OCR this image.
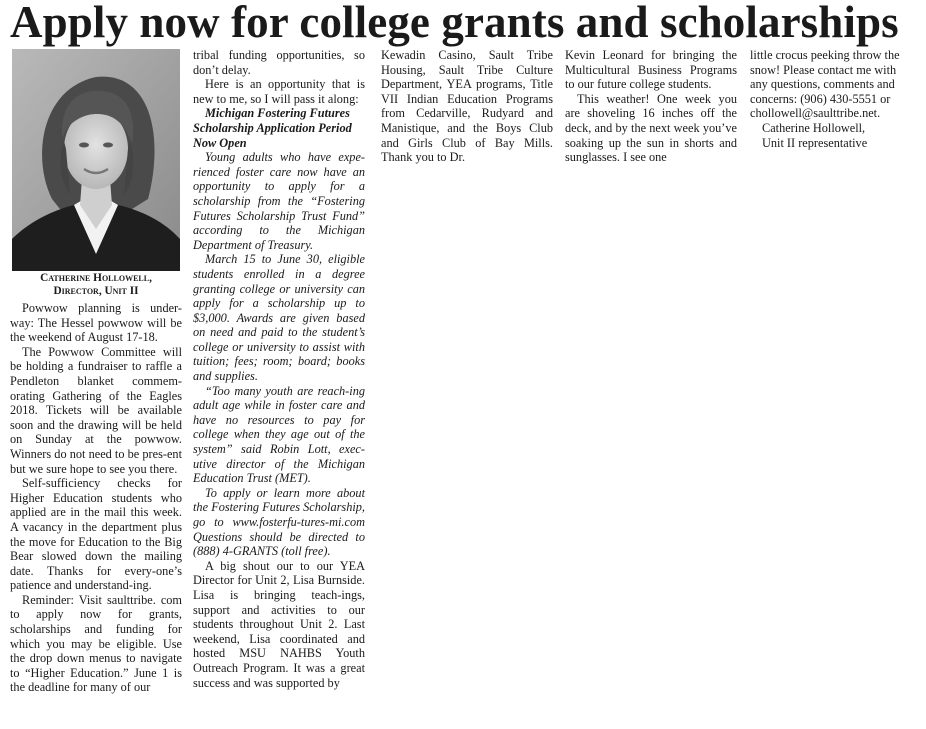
Apply now for college grants and scholarships
Catherine Hollowell,
Director, Unit II

Powwow planning is under-way: The Hessel powwow will be the weekend of August 17-18.

The Powwow Committee will be holding a fundraiser to raffle a Pendleton blanket commem-orating Gathering of the Eagles 2018. Tickets will be available soon and the drawing will be held on Sunday at the powwow. Winners do not need to be pres-ent but we sure hope to see you there.

Self-sufficiency checks for Higher Education students who applied are in the mail this week. A vacancy in the department plus the move for Education to the Big Bear slowed down the mailing date. Thanks for every-one’s patience and understand-ing.

Reminder: Visit saulttribe. com to apply now for grants, scholarships and funding for which you may be eligible. Use the drop down menus to navigate to “Higher Education.” June 1 is the deadline for many of our

tribal funding opportunities, so don’t delay.

Here is an opportunity that is new to me, so I will pass it along:

Michigan Fostering Futures Scholarship Application Period Now Open

Young adults who have expe-rienced foster care now have an opportunity to apply for a scholarship from the “Fostering Futures Scholarship Trust Fund” according to the Michigan Department of Treasury.

March 15 to June 30, eligible students enrolled in a degree granting college or university can apply for a scholarship up to $3,000. Awards are given based on need and paid to the student’s college or university to assist with tuition; fees; room; board; books and supplies.

“Too many youth are reach-ing adult age while in foster care and have no resources to pay for college when they age out of the system” said Robin Lott, exec-utive director of the Michigan Education Trust (MET).

To apply or learn more about the Fostering Futures Scholarship, go to www.fosterfu-tures-mi.com Questions should be directed to (888) 4-GRANTS (toll free).

A big shout our to our YEA Director for Unit 2, Lisa Burnside. Lisa is bringing teach-ings, support and activities to our students throughout Unit 2. Last weekend, Lisa coordinated and hosted MSU NAHBS Youth Outreach Program. It was a great success and was supported by

Kewadin Casino, Sault Tribe Housing, Sault Tribe Culture Department, YEA programs, Title VII Indian Education Programs from Cedarville, Rudyard and Manistique, and the Boys Club and Girls Club of Bay Mills. Thank you to Dr.

Kevin Leonard for bringing the Multicultural Business Programs to our future college students.

This weather! One week you are shoveling 16 inches off the deck, and by the next week you’ve soaking up the sun in shorts and sunglasses. I see one

little crocus peeking throw the snow! Please contact me with any questions, comments and concerns: (906) 430-5551 or chollowell@saulttribe.net.

Catherine Hollowell,

Unit II representative
